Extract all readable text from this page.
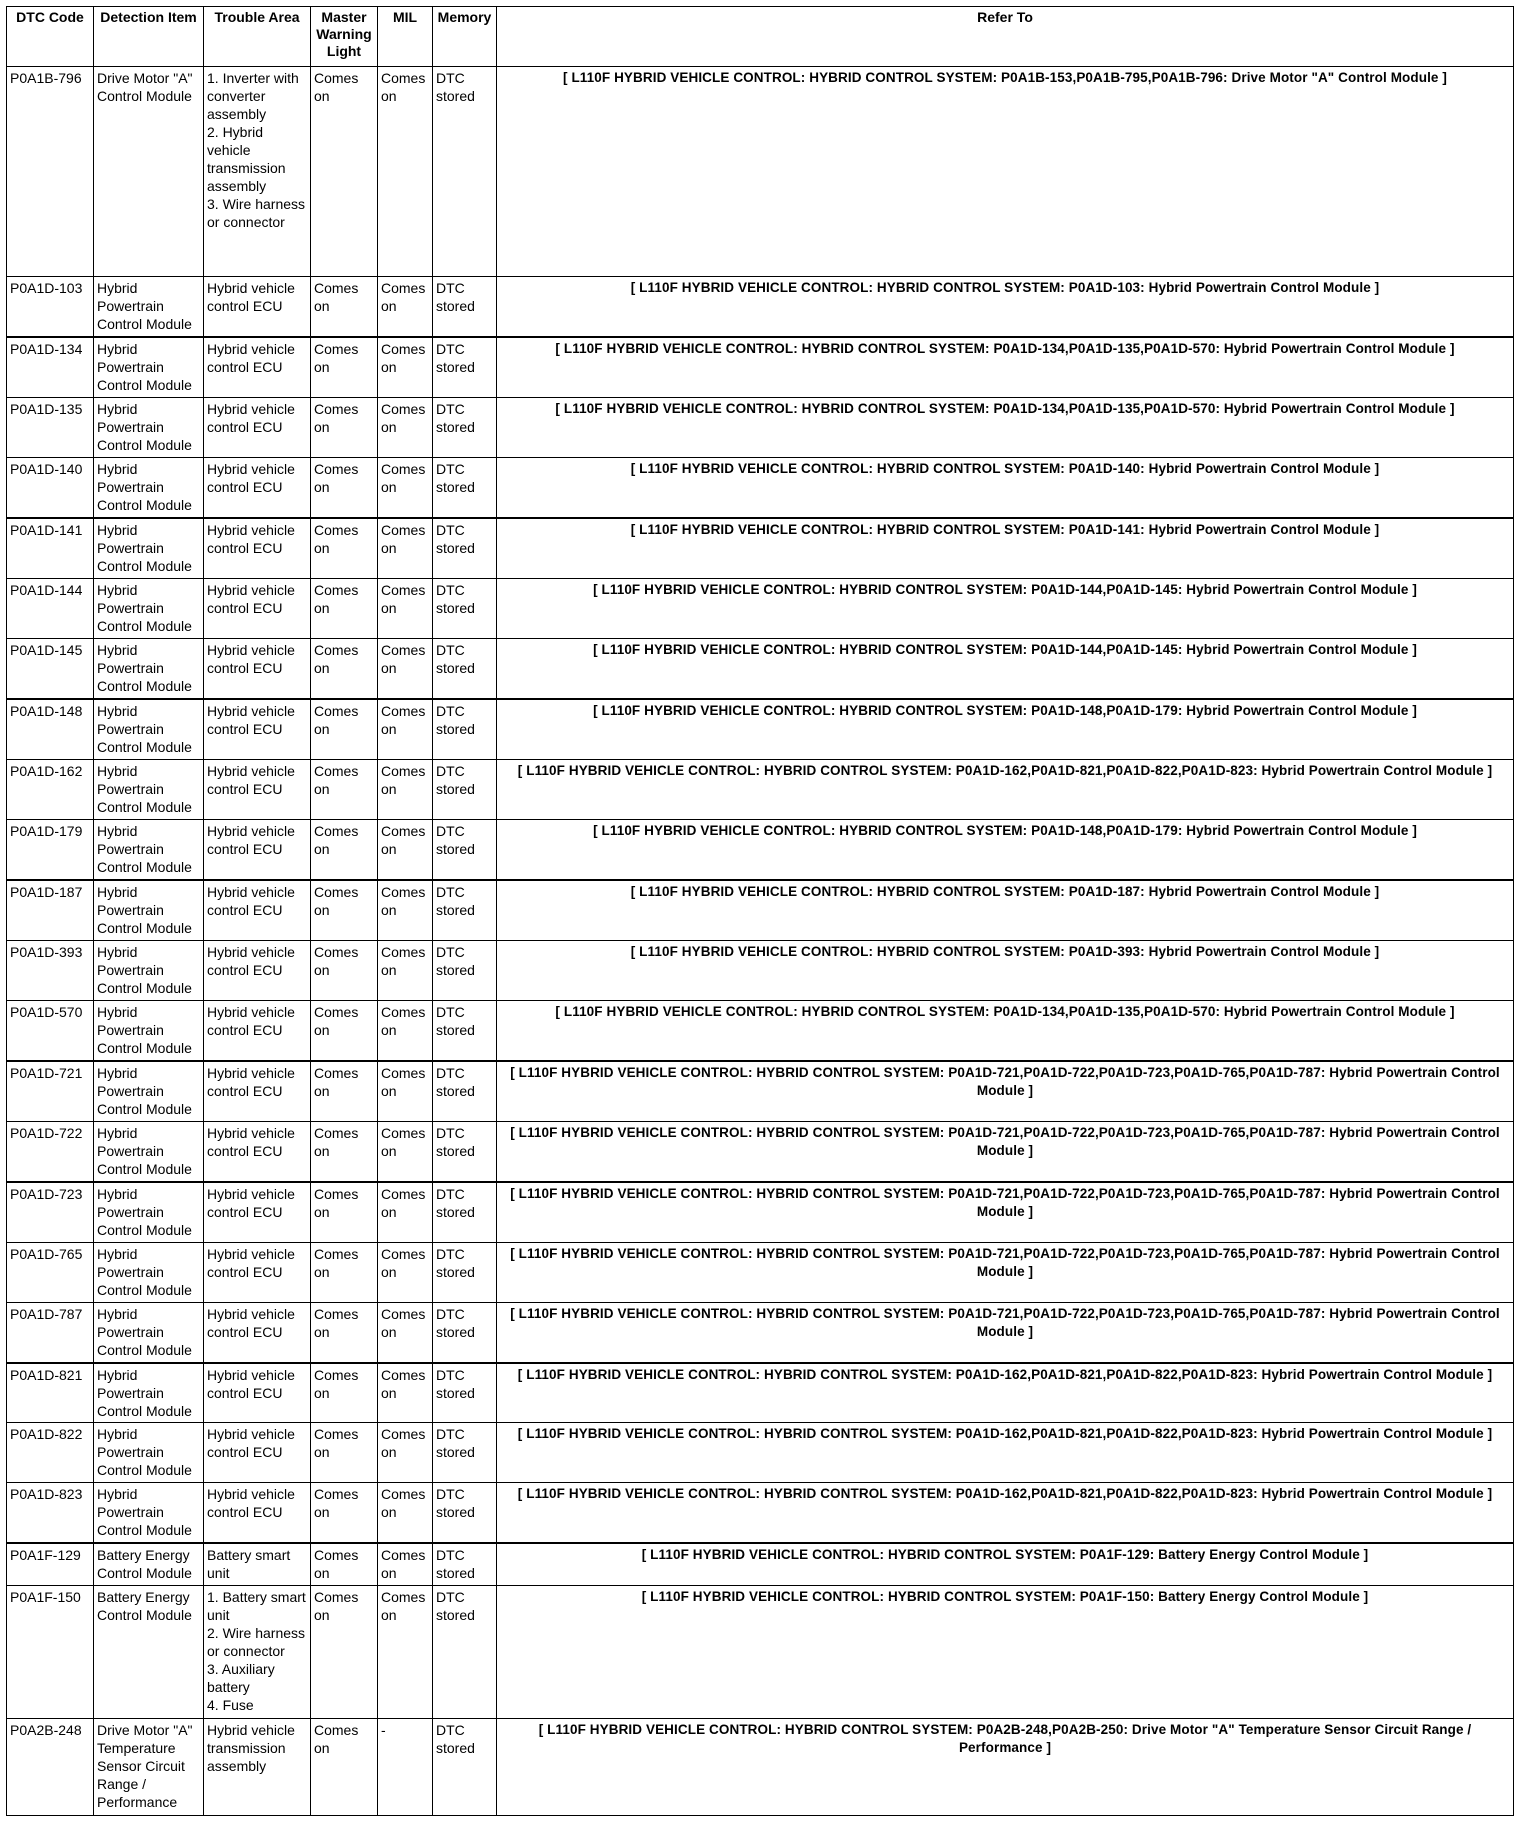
DTC Code	Detection Item	Trouble Area	Master Warning Light	MIL	Memory	Refer To
P0A1B-796	Drive Motor "A" Control Module	1. Inverter with converter assembly
2. Hybrid vehicle transmission assembly
3. Wire harness or connector	Comes on	Comes on	DTC stored	[ L110F HYBRID VEHICLE CONTROL: HYBRID CONTROL SYSTEM: P0A1B-153,P0A1B-795,P0A1B-796: Drive Motor "A" Control Module ]
P0A1D-103	Hybrid Powertrain Control Module	Hybrid vehicle control ECU	Comes on	Comes on	DTC stored	[ L110F HYBRID VEHICLE CONTROL: HYBRID CONTROL SYSTEM: P0A1D-103: Hybrid Powertrain Control Module ]
P0A1D-134	Hybrid Powertrain Control Module	Hybrid vehicle control ECU	Comes on	Comes on	DTC stored	[ L110F HYBRID VEHICLE CONTROL: HYBRID CONTROL SYSTEM: P0A1D-134,P0A1D-135,P0A1D-570: Hybrid Powertrain Control Module ]
P0A1D-135	Hybrid Powertrain Control Module	Hybrid vehicle control ECU	Comes on	Comes on	DTC stored	[ L110F HYBRID VEHICLE CONTROL: HYBRID CONTROL SYSTEM: P0A1D-134,P0A1D-135,P0A1D-570: Hybrid Powertrain Control Module ]
P0A1D-140	Hybrid Powertrain Control Module	Hybrid vehicle control ECU	Comes on	Comes on	DTC stored	[ L110F HYBRID VEHICLE CONTROL: HYBRID CONTROL SYSTEM: P0A1D-140: Hybrid Powertrain Control Module ]
P0A1D-141	Hybrid Powertrain Control Module	Hybrid vehicle control ECU	Comes on	Comes on	DTC stored	[ L110F HYBRID VEHICLE CONTROL: HYBRID CONTROL SYSTEM: P0A1D-141: Hybrid Powertrain Control Module ]
P0A1D-144	Hybrid Powertrain Control Module	Hybrid vehicle control ECU	Comes on	Comes on	DTC stored	[ L110F HYBRID VEHICLE CONTROL: HYBRID CONTROL SYSTEM: P0A1D-144,P0A1D-145: Hybrid Powertrain Control Module ]
P0A1D-145	Hybrid Powertrain Control Module	Hybrid vehicle control ECU	Comes on	Comes on	DTC stored	[ L110F HYBRID VEHICLE CONTROL: HYBRID CONTROL SYSTEM: P0A1D-144,P0A1D-145: Hybrid Powertrain Control Module ]
P0A1D-148	Hybrid Powertrain Control Module	Hybrid vehicle control ECU	Comes on	Comes on	DTC stored	[ L110F HYBRID VEHICLE CONTROL: HYBRID CONTROL SYSTEM: P0A1D-148,P0A1D-179: Hybrid Powertrain Control Module ]
P0A1D-162	Hybrid Powertrain Control Module	Hybrid vehicle control ECU	Comes on	Comes on	DTC stored	[ L110F HYBRID VEHICLE CONTROL: HYBRID CONTROL SYSTEM: P0A1D-162,P0A1D-821,P0A1D-822,P0A1D-823: Hybrid Powertrain Control Module ]
P0A1D-179	Hybrid Powertrain Control Module	Hybrid vehicle control ECU	Comes on	Comes on	DTC stored	[ L110F HYBRID VEHICLE CONTROL: HYBRID CONTROL SYSTEM: P0A1D-148,P0A1D-179: Hybrid Powertrain Control Module ]
P0A1D-187	Hybrid Powertrain Control Module	Hybrid vehicle control ECU	Comes on	Comes on	DTC stored	[ L110F HYBRID VEHICLE CONTROL: HYBRID CONTROL SYSTEM: P0A1D-187: Hybrid Powertrain Control Module ]
P0A1D-393	Hybrid Powertrain Control Module	Hybrid vehicle control ECU	Comes on	Comes on	DTC stored	[ L110F HYBRID VEHICLE CONTROL: HYBRID CONTROL SYSTEM: P0A1D-393: Hybrid Powertrain Control Module ]
P0A1D-570	Hybrid Powertrain Control Module	Hybrid vehicle control ECU	Comes on	Comes on	DTC stored	[ L110F HYBRID VEHICLE CONTROL: HYBRID CONTROL SYSTEM: P0A1D-134,P0A1D-135,P0A1D-570: Hybrid Powertrain Control Module ]
P0A1D-721	Hybrid Powertrain Control Module	Hybrid vehicle control ECU	Comes on	Comes on	DTC stored	[ L110F HYBRID VEHICLE CONTROL: HYBRID CONTROL SYSTEM: P0A1D-721,P0A1D-722,P0A1D-723,P0A1D-765,P0A1D-787: Hybrid Powertrain Control Module ]
P0A1D-722	Hybrid Powertrain Control Module	Hybrid vehicle control ECU	Comes on	Comes on	DTC stored	[ L110F HYBRID VEHICLE CONTROL: HYBRID CONTROL SYSTEM: P0A1D-721,P0A1D-722,P0A1D-723,P0A1D-765,P0A1D-787: Hybrid Powertrain Control Module ]
P0A1D-723	Hybrid Powertrain Control Module	Hybrid vehicle control ECU	Comes on	Comes on	DTC stored	[ L110F HYBRID VEHICLE CONTROL: HYBRID CONTROL SYSTEM: P0A1D-721,P0A1D-722,P0A1D-723,P0A1D-765,P0A1D-787: Hybrid Powertrain Control Module ]
P0A1D-765	Hybrid Powertrain Control Module	Hybrid vehicle control ECU	Comes on	Comes on	DTC stored	[ L110F HYBRID VEHICLE CONTROL: HYBRID CONTROL SYSTEM: P0A1D-721,P0A1D-722,P0A1D-723,P0A1D-765,P0A1D-787: Hybrid Powertrain Control Module ]
P0A1D-787	Hybrid Powertrain Control Module	Hybrid vehicle control ECU	Comes on	Comes on	DTC stored	[ L110F HYBRID VEHICLE CONTROL: HYBRID CONTROL SYSTEM: P0A1D-721,P0A1D-722,P0A1D-723,P0A1D-765,P0A1D-787: Hybrid Powertrain Control Module ]
P0A1D-821	Hybrid Powertrain Control Module	Hybrid vehicle control ECU	Comes on	Comes on	DTC stored	[ L110F HYBRID VEHICLE CONTROL: HYBRID CONTROL SYSTEM: P0A1D-162,P0A1D-821,P0A1D-822,P0A1D-823: Hybrid Powertrain Control Module ]
P0A1D-822	Hybrid Powertrain Control Module	Hybrid vehicle control ECU	Comes on	Comes on	DTC stored	[ L110F HYBRID VEHICLE CONTROL: HYBRID CONTROL SYSTEM: P0A1D-162,P0A1D-821,P0A1D-822,P0A1D-823: Hybrid Powertrain Control Module ]
P0A1D-823	Hybrid Powertrain Control Module	Hybrid vehicle control ECU	Comes on	Comes on	DTC stored	[ L110F HYBRID VEHICLE CONTROL: HYBRID CONTROL SYSTEM: P0A1D-162,P0A1D-821,P0A1D-822,P0A1D-823: Hybrid Powertrain Control Module ]
P0A1F-129	Battery Energy Control Module	Battery smart unit	Comes on	Comes on	DTC stored	[ L110F HYBRID VEHICLE CONTROL: HYBRID CONTROL SYSTEM: P0A1F-129: Battery Energy Control Module ]
P0A1F-150	Battery Energy Control Module	1. Battery smart unit
2. Wire harness or connector
3. Auxiliary battery
4. Fuse	Comes on	Comes on	DTC stored	[ L110F HYBRID VEHICLE CONTROL: HYBRID CONTROL SYSTEM: P0A1F-150: Battery Energy Control Module ]
P0A2B-248	Drive Motor "A" Temperature Sensor Circuit Range / Performance	Hybrid vehicle transmission assembly	Comes on	-	DTC stored	[ L110F HYBRID VEHICLE CONTROL: HYBRID CONTROL SYSTEM: P0A2B-248,P0A2B-250: Drive Motor "A" Temperature Sensor Circuit Range / Performance ]
